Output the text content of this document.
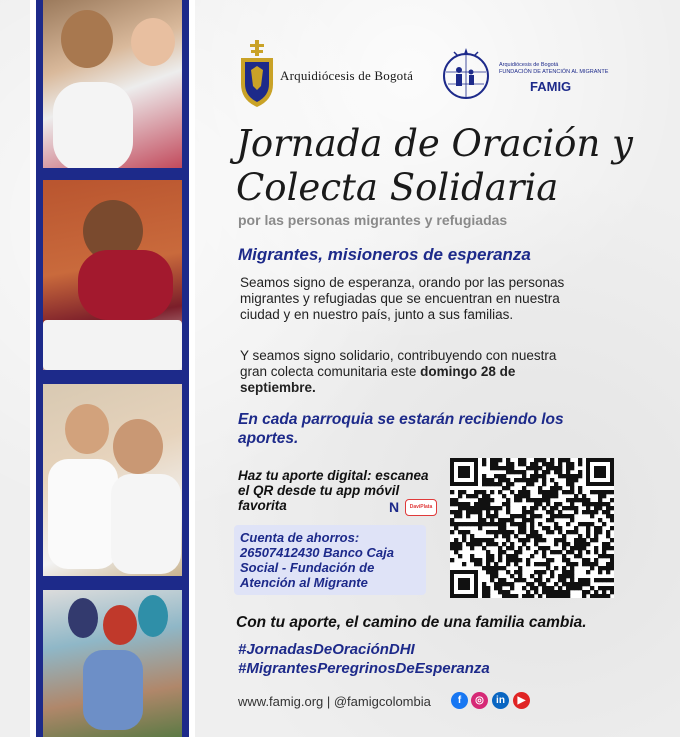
Arquidiócesis de Bogotá
Arquidiócesis de Bogotá
FUNDACIÓN DE ATENCIÓN AL MIGRANTE
FAMIG
Jornada de Oración y
Colecta Solidaria
por las personas migrantes y refugiadas
Migrantes, misioneros de esperanza
Seamos signo de esperanza, orando por las personas migrantes y refugiadas que se encuentran en nuestra ciudad y en nuestro país, junto a sus familias.
Y seamos signo solidario, contribuyendo con nuestra gran colecta comunitaria este domingo 28 de septiembre.
En cada parroquia se estarán recibiendo los aportes.
Haz tu aporte digital: escanea el QR desde tu app móvil favorita	N	DaviPlata
Cuenta de ahorros: 26507412430 Banco Caja Social - Fundación de Atención al Migrante
Con tu aporte, el camino de una familia cambia.
#JornadasDeOraciónDHI
#MigrantesPeregrinosDeEsperanza
www.famig.org | @famigcolombia	f	◎	in	▶
